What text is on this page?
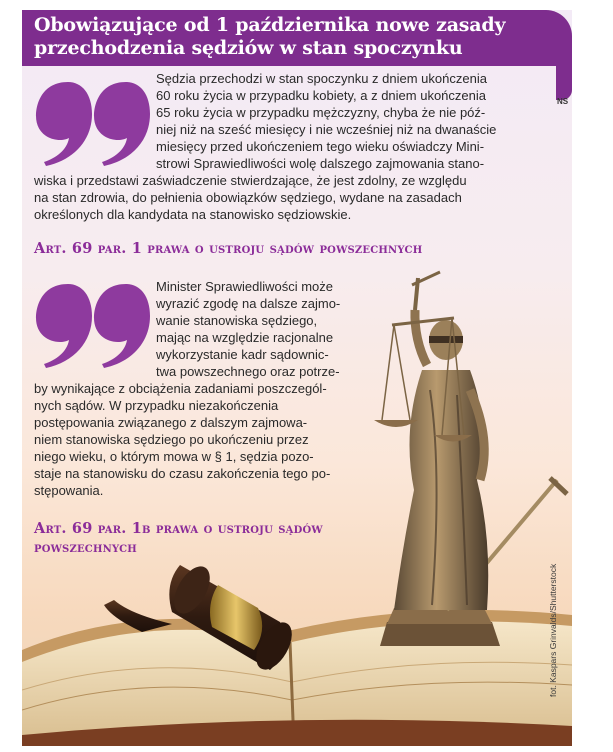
Obowiązujące od 1 października nowe zasady
przechodzenia sędziów w stan spoczynku

Sędzia przechodzi w stan spoczynku z dniem ukończenia
60 roku życia w przypadku kobiety, a z dniem ukończenia
65 roku życia w przypadku mężczyzny, chyba że nie póź-
niej niż na sześć miesięcy i nie wcześniej niż na dwanaście
miesięcy przed ukończeniem tego wieku oświadczy Mini-
strowi Sprawiedliwości wolę dalszego zajmowania stano-
wiska i przedstawi zaświadczenie stwierdzające, że jest zdolny, ze względu
na stan zdrowia, do pełnienia obowiązków sędziego, wydane na zasadach
określonych dla kandydata na stanowisko sędziowskie.

Art. 69 par. 1 prawa o ustroju sądów powszechnych

Minister Sprawiedliwości może
wyrazić zgodę na dalsze zajmo-
wanie stanowiska sędziego,
mając na względzie racjonalne
wykorzystanie kadr sądownic-
twa powszechnego oraz potrze-
by wynikające z obciążenia zadaniami poszczegól-
nych sądów. W przypadku niezakończenia
postępowania związanego z dalszym zajmowa-
niem stanowiska sędziego po ukończeniu przez
niego wieku, o którym mowa w § 1, sędzia pozo-
staje na stanowisku do czasu zakończenia tego po-
stępowania.

Art. 69 par. 1b prawa o ustroju sądów
powszechnych

NS
fot. Kaspars Grinvalds/Shutterstock
